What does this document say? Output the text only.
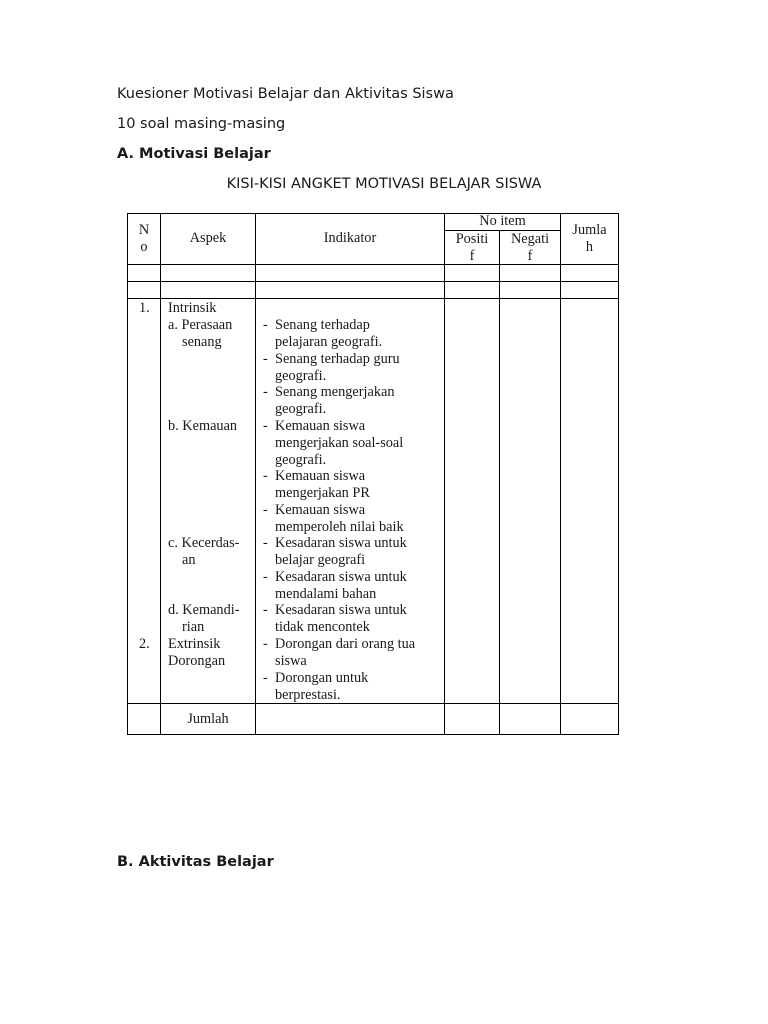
Kuesioner Motivasi Belajar dan Aktivitas Siswa
10 soal masing-masing
A. Motivasi Belajar
KISI-KISI ANGKET MOTIVASI BELAJAR SISWA
B. Aktivitas Belajar
N
o
Aspek	Indikator
No item
Positi
f
Negati
f
Jumla
h
1.
2.
Intrinsik
a. Perasaan
senang
b. Kemauan
c. Kecerdas-
an
d. Kemandi-
rian
Extrinsik
Dorongan
-
-
-
-
-
-
-
-
-
-
-
Senang terhadap
pelajaran geografi.
Senang terhadap guru
geografi.
Senang mengerjakan
geografi.
Kemauan siswa
mengerjakan soal-soal
geografi.
Kemauan siswa
mengerjakan PR
Kemauan siswa
memperoleh nilai baik
Kesadaran siswa untuk
belajar geografi
Kesadaran siswa untuk
mendalami bahan
Kesadaran siswa untuk
tidak mencontek
Dorongan dari orang tua
siswa
Dorongan untuk
berprestasi.
Jumlah
